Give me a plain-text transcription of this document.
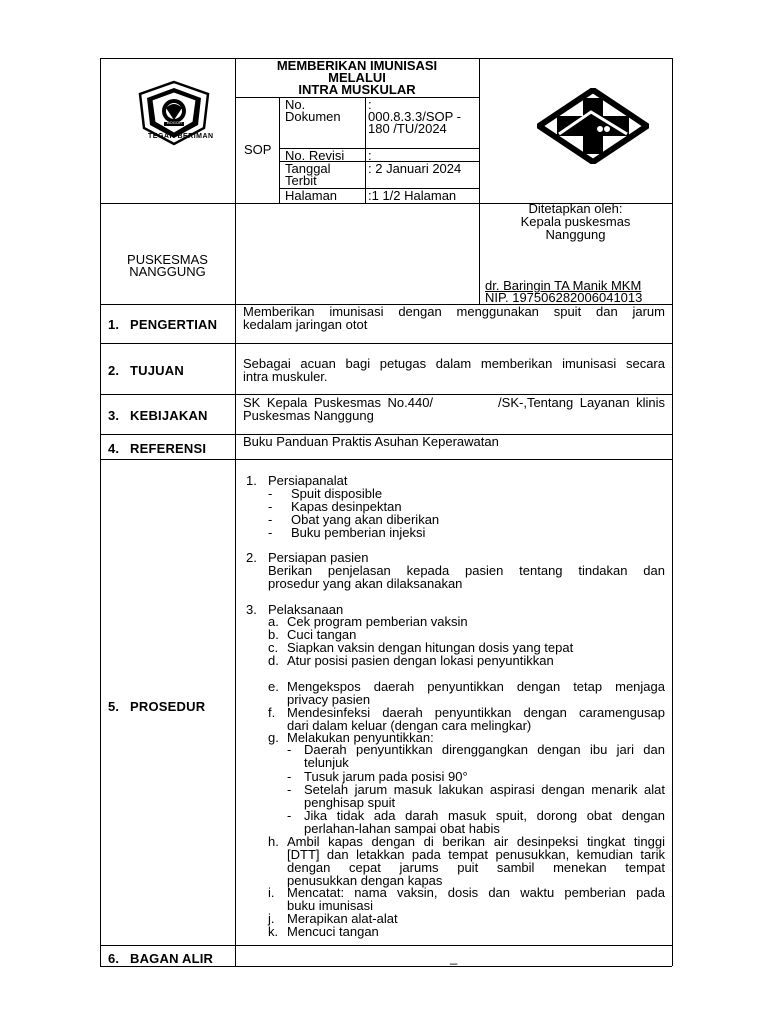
TEGAR BERIMAN
BOGOR
MEMBERIKAN IMUNISASI
MELALUI
INTRA MUSKULAR
SOP
No.
Dokumen
:
000.8.3.3/SOP -
180 /TU/2024
No. Revisi :
Tanggal
Terbit
: 2 Januari 2024
Halaman :1 1/2 Halaman
PUSKESMAS
NANGGUNG
Ditetapkan oleh:
Kepala puskesmas
Nanggung
dr. Baringin TA Manik MKM
NIP. 197506282006041013
1. PENGERTIAN
2. TUJUAN
3. KEBIJAKAN
4. REFERENSI
5. PROSEDUR
6. BAGAN ALIR
Memberikan imunisasi dengan menggunakan spuit dan jarum
kedalam jaringan otot
Sebagai acuan bagi petugas dalam memberikan imunisasi secara
intra muskuler.
SK Kepala Puskesmas No.440/          /SK-,Tentang Layanan klinis
Puskesmas Nanggung
Buku Panduan Praktis Asuhan Keperawatan
1. Persiapanalat
- Spuit disposible
- Kapas desinpektan
- Obat yang akan diberikan
- Buku pemberian injeksi
2. Persiapan pasien
Berikan penjelasan kepada pasien tentang tindakan dan
prosedur yang akan dilaksanakan
3. Pelaksanaan
a. Cek program pemberian vaksin
b. Cuci tangan
c. Siapkan vaksin dengan hitungan dosis yang tepat
d. Atur posisi pasien dengan lokasi penyuntikkan
e. Mengekspos daerah penyuntikkan dengan tetap menjaga
privacy pasien
f. Mendesinfeksi daerah penyuntikkan dengan caramengusap
dari dalam keluar (dengan cara melingkar)
g. Melakukan penyuntikkan:
- Daerah penyuntikkan direnggangkan dengan ibu jari dan
telunjuk
- Tusuk jarum pada posisi 90°
- Setelah jarum masuk lakukan aspirasi dengan menarik alat
penghisap spuit
- Jika tidak ada darah masuk spuit, dorong obat dengan
perlahan-lahan sampai obat habis
h. Ambil kapas dengan di berikan air desinpeksi tingkat tinggi
[DTT] dan letakkan pada tempat penusukkan, kemudian tarik
dengan cepat jarums puit sambil menekan tempat
penusukkan dengan kapas
i. Mencatat: nama vaksin, dosis dan waktu pemberian pada
buku imunisasi
j. Merapikan alat-alat
k. Mencuci tangan
_
